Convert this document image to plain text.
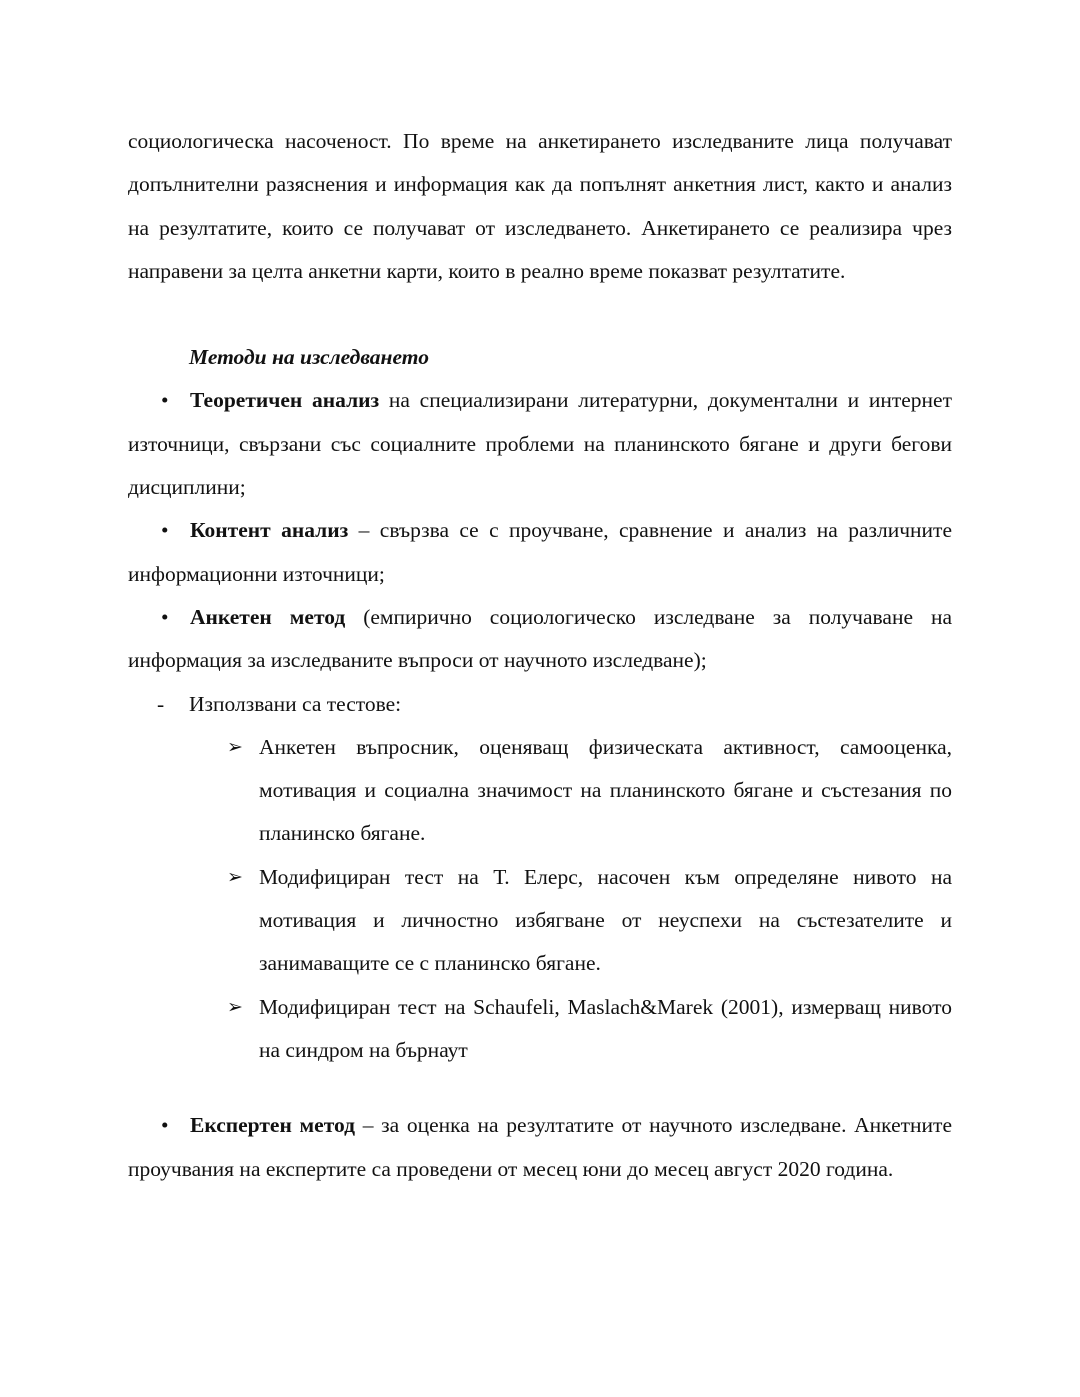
социологическа насоченост. По време на анкетирането изследваните лица получават допълнителни разяснения и информация как да попълнят анкетния лист, както и анализ на резултатите, които се получават от изследването. Анкетирането се реализира чрез направени за целта анкетни карти, които в реално време показват резултатите.

Методи на изследването

• Теоретичен анализ на специализирани литературни, документални и интернет източници, свързани със социалните проблеми на планинското бягане и други бегови дисциплини;

• Контент анализ – свързва се с проучване, сравнение и анализ на различните информационни източници;

• Анкетен метод (емпирично социологическо изследване за получаване на информация за изследваните въпроси от научното изследване);

- Използвани са тестове:

➢ Анкетен въпросник, оценяващ физическата активност, самооценка, мотивация и социална значимост на планинското бягане и състезания по планинско бягане.

➢ Модифициран тест на Т. Елерс, насочен към определяне нивото на мотивация и личностно избягване от неуспехи на състезателите и занимаващите се с планинско бягане.

➢ Модифициран тест на Schaufeli, Maslach&Marek (2001), измерващ нивото на синдром на бърнаут

• Експертен метод – за оценка на резултатите от научното изследване. Анкетните проучвания на експертите са проведени от месец юни до месец август 2020 година.
